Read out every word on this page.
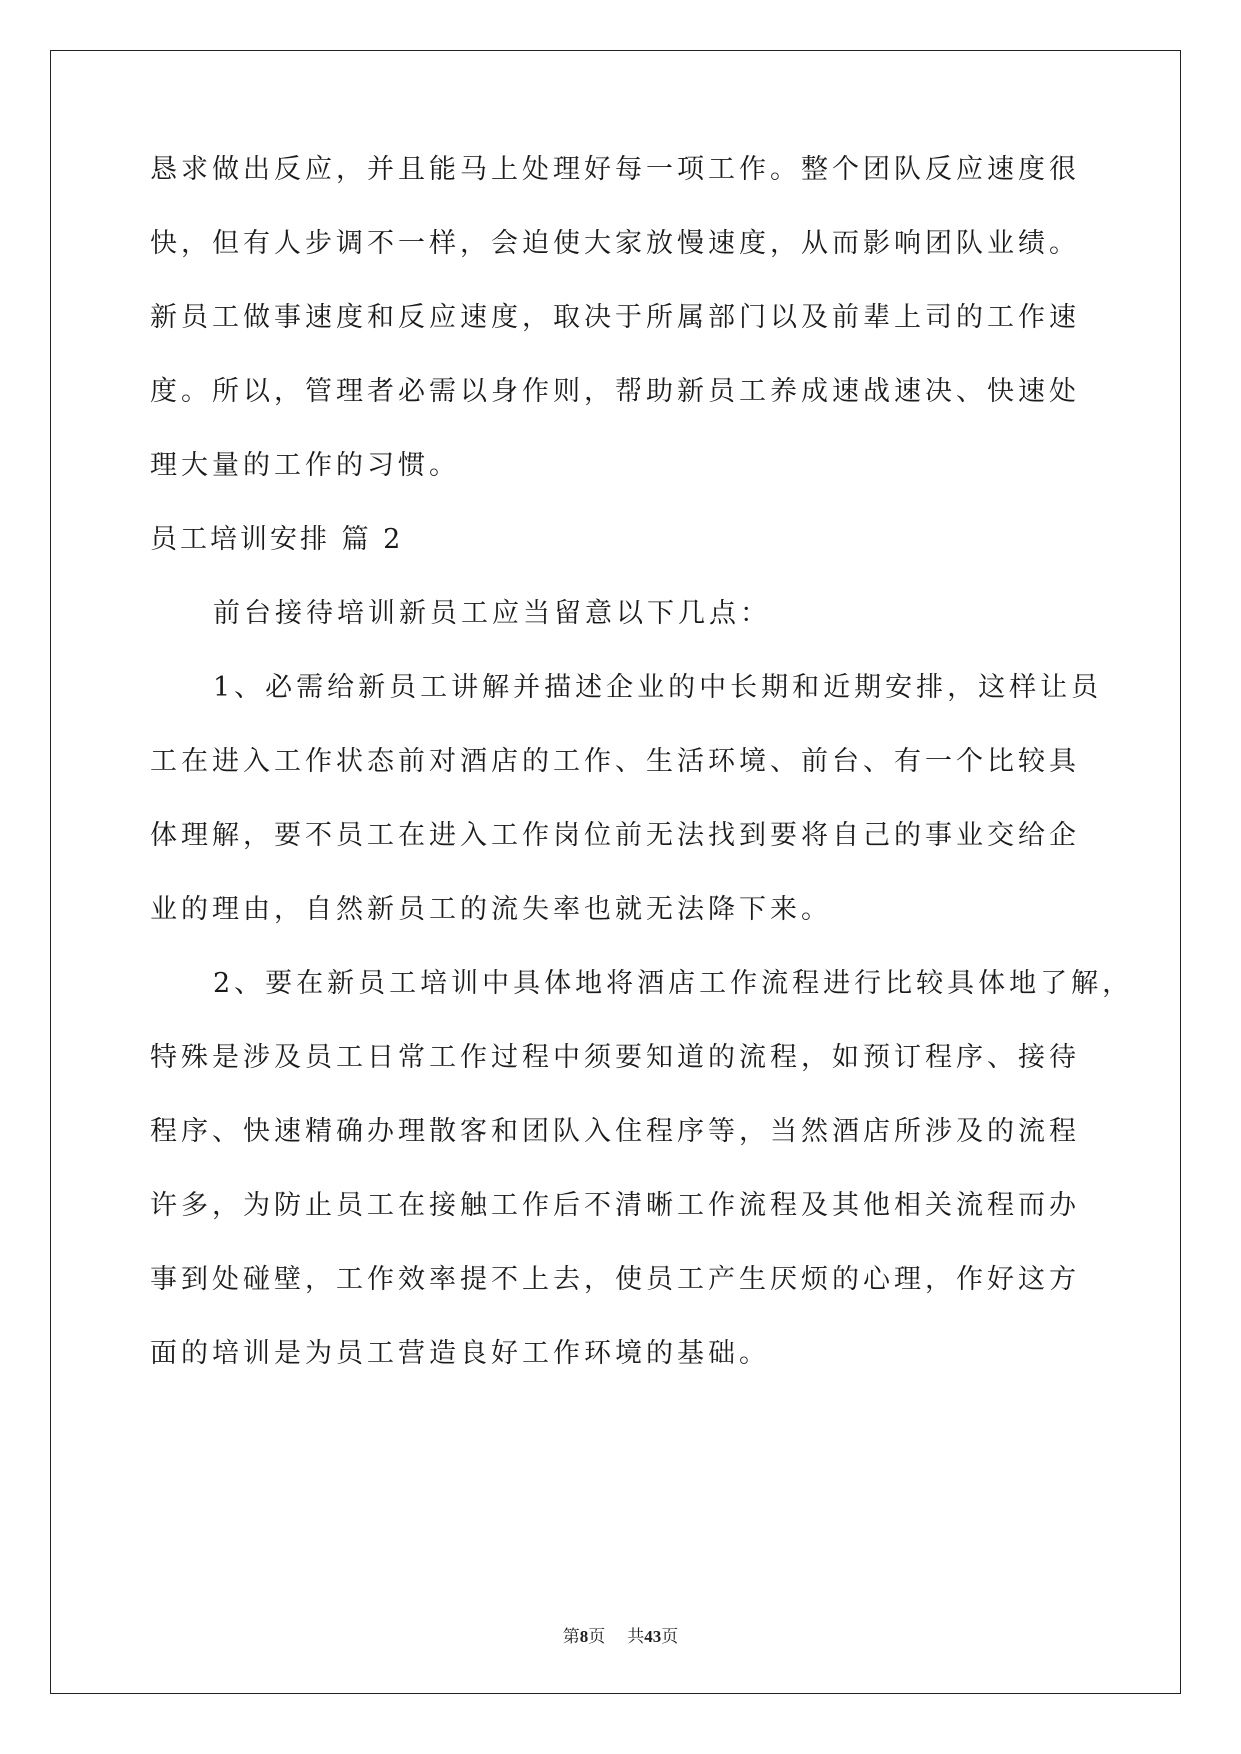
恳求做出反应，并且能马上处理好每一项工作。整个团队反应速度很
快，但有人步调不一样，会迫使大家放慢速度，从而影响团队业绩。
新员工做事速度和反应速度，取决于所属部门以及前辈上司的工作速
度。所以，管理者必需以身作则，帮助新员工养成速战速决、快速处
理大量的工作的习惯。
员工培训安排 篇 2
前台接待培训新员工应当留意以下几点：
1、必需给新员工讲解并描述企业的中长期和近期安排，这样让员
工在进入工作状态前对酒店的工作、生活环境、前台、有一个比较具
体理解，要不员工在进入工作岗位前无法找到要将自己的事业交给企
业的理由，自然新员工的流失率也就无法降下来。
2、要在新员工培训中具体地将酒店工作流程进行比较具体地了解，
特殊是涉及员工日常工作过程中须要知道的流程，如预订程序、接待
程序、快速精确办理散客和团队入住程序等，当然酒店所涉及的流程
许多，为防止员工在接触工作后不清晰工作流程及其他相关流程而办
事到处碰壁，工作效率提不上去，使员工产生厌烦的心理，作好这方
面的培训是为员工营造良好工作环境的基础。
第8页 共43页
